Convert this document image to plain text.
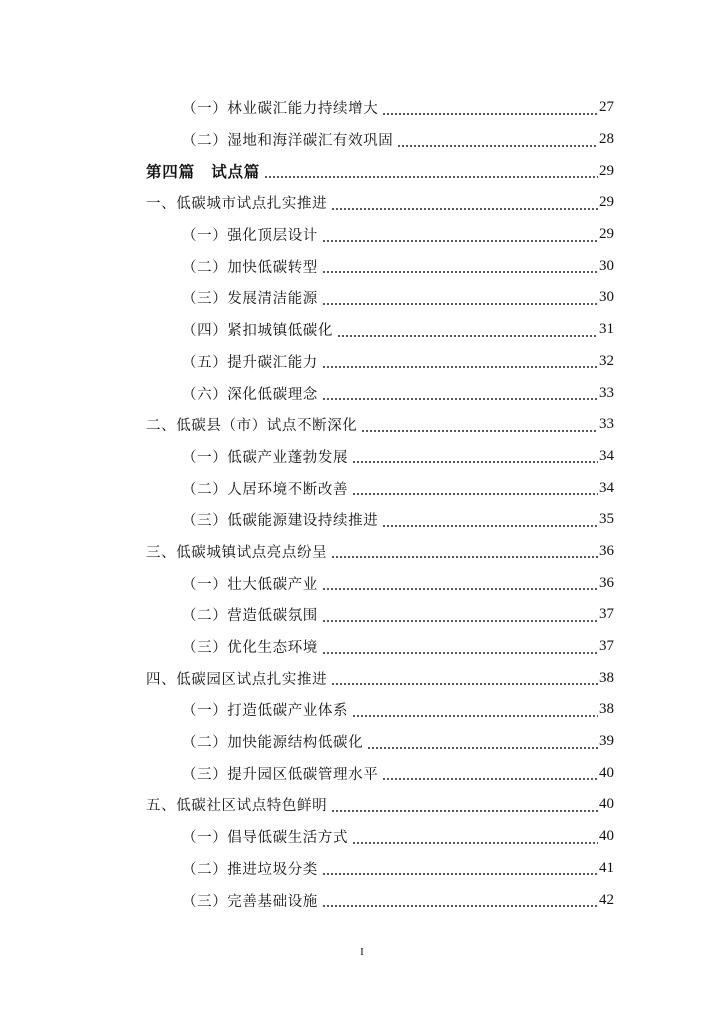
（一）林业碳汇能力持续增大	27
（二）湿地和海洋碳汇有效巩固	28
第四篇　试点篇	29
一、低碳城市试点扎实推进	29
（一）强化顶层设计	29
（二）加快低碳转型	30
（三）发展清洁能源	30
（四）紧扣城镇低碳化	31
（五）提升碳汇能力	32
（六）深化低碳理念	33
二、低碳县（市）试点不断深化	33
（一）低碳产业蓬勃发展	34
（二）人居环境不断改善	34
（三）低碳能源建设持续推进	35
三、低碳城镇试点亮点纷呈	36
（一）壮大低碳产业	36
（二）营造低碳氛围	37
（三）优化生态环境	37
四、低碳园区试点扎实推进	38
（一）打造低碳产业体系	38
（二）加快能源结构低碳化	39
（三）提升园区低碳管理水平	40
五、低碳社区试点特色鲜明	40
（一）倡导低碳生活方式	40
（二）推进垃圾分类	41
（三）完善基础设施	42
I
